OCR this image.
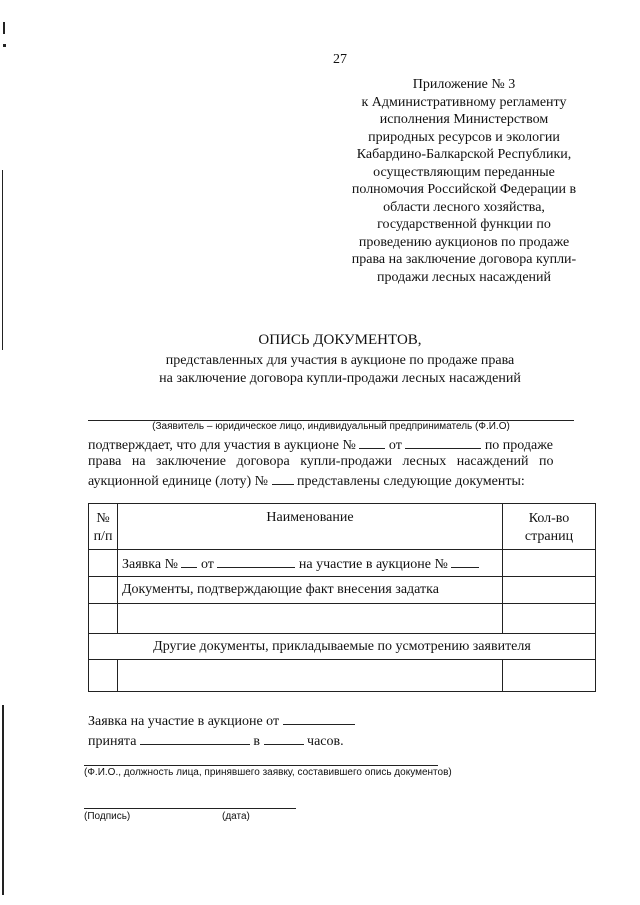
27
Приложение № 3
к Административному регламенту
исполнения Министерством
природных ресурсов и экологии
Кабардино-Балкарской Республики,
осуществляющим переданные
полномочия Российской Федерации в
области лесного хозяйства,
государственной функции по
проведению аукционов по продаже
права на заключение договора купли-
продажи лесных насаждений
ОПИСЬ ДОКУМЕНТОВ,
представленных для участия в аукционе по продаже права
на заключение договора купли-продажи лесных насаждений
(Заявитель – юридическое лицо, индивидуальный предприниматель (Ф.И.О)
подтверждает, что для участия в аукционе № от	по продаже
права на заключение договора купли-продажи лесных насаждений по
аукционной единице (лоту) № представлены следующие документы:
№ п/п	Наименование	Кол-во страниц
	Заявка № от на участие в аукционе №	
	Документы, подтверждающие факт внесения задатка	

Другие документы, прикладываемые по усмотрению заявителя		

Заявка на участие в аукционе от
принята	в	часов.
(Ф.И.О., должность лица, принявшего заявку, составившего опись документов)
(Подпись)	(дата)
